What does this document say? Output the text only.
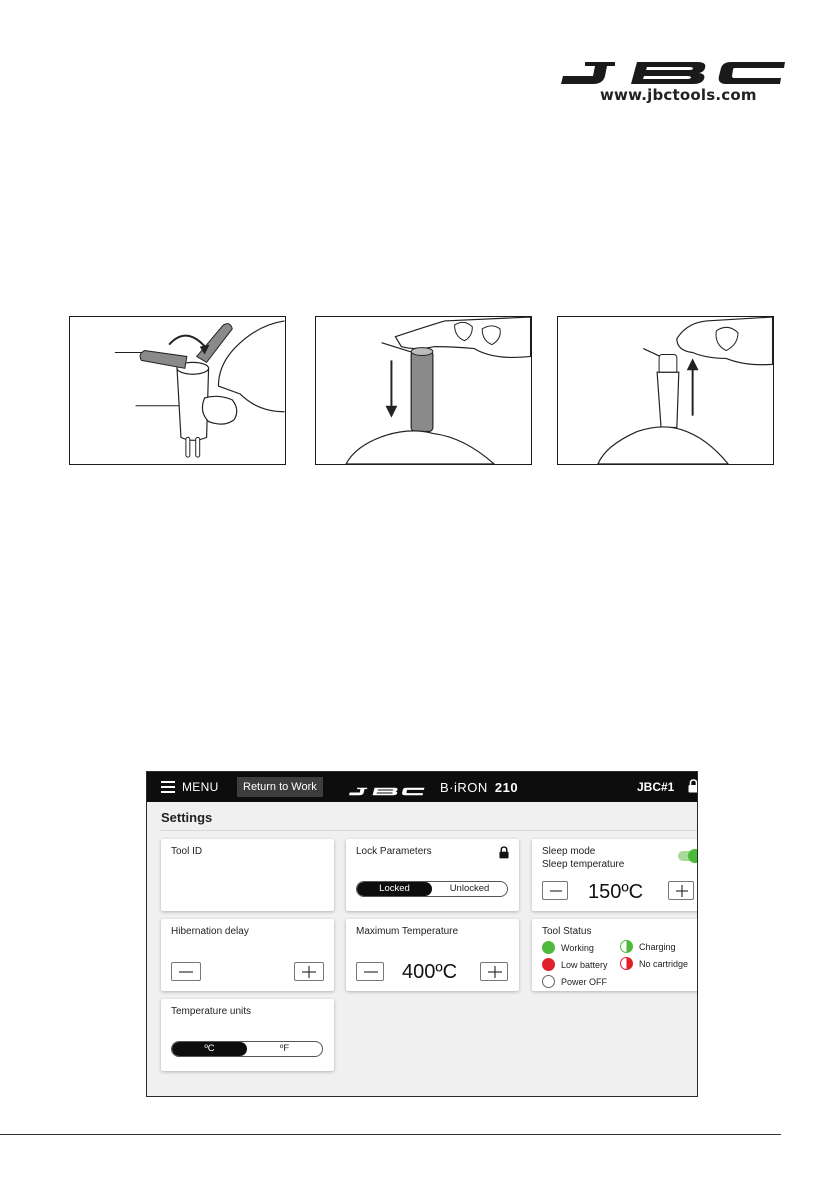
www.jbctools.com
MENU	Return to Work	B·iRON 210	JBC#1
Settings
Tool ID	Lock Parameters
Locked	Unlocked
Sleep mode
Sleep temperature
150ºC
Hibernation delay	Maximum Temperature
400ºC
Tool Status
Working	Charging
Low battery	No cartridge
Power OFF
Temperature units
ºC	ºF
